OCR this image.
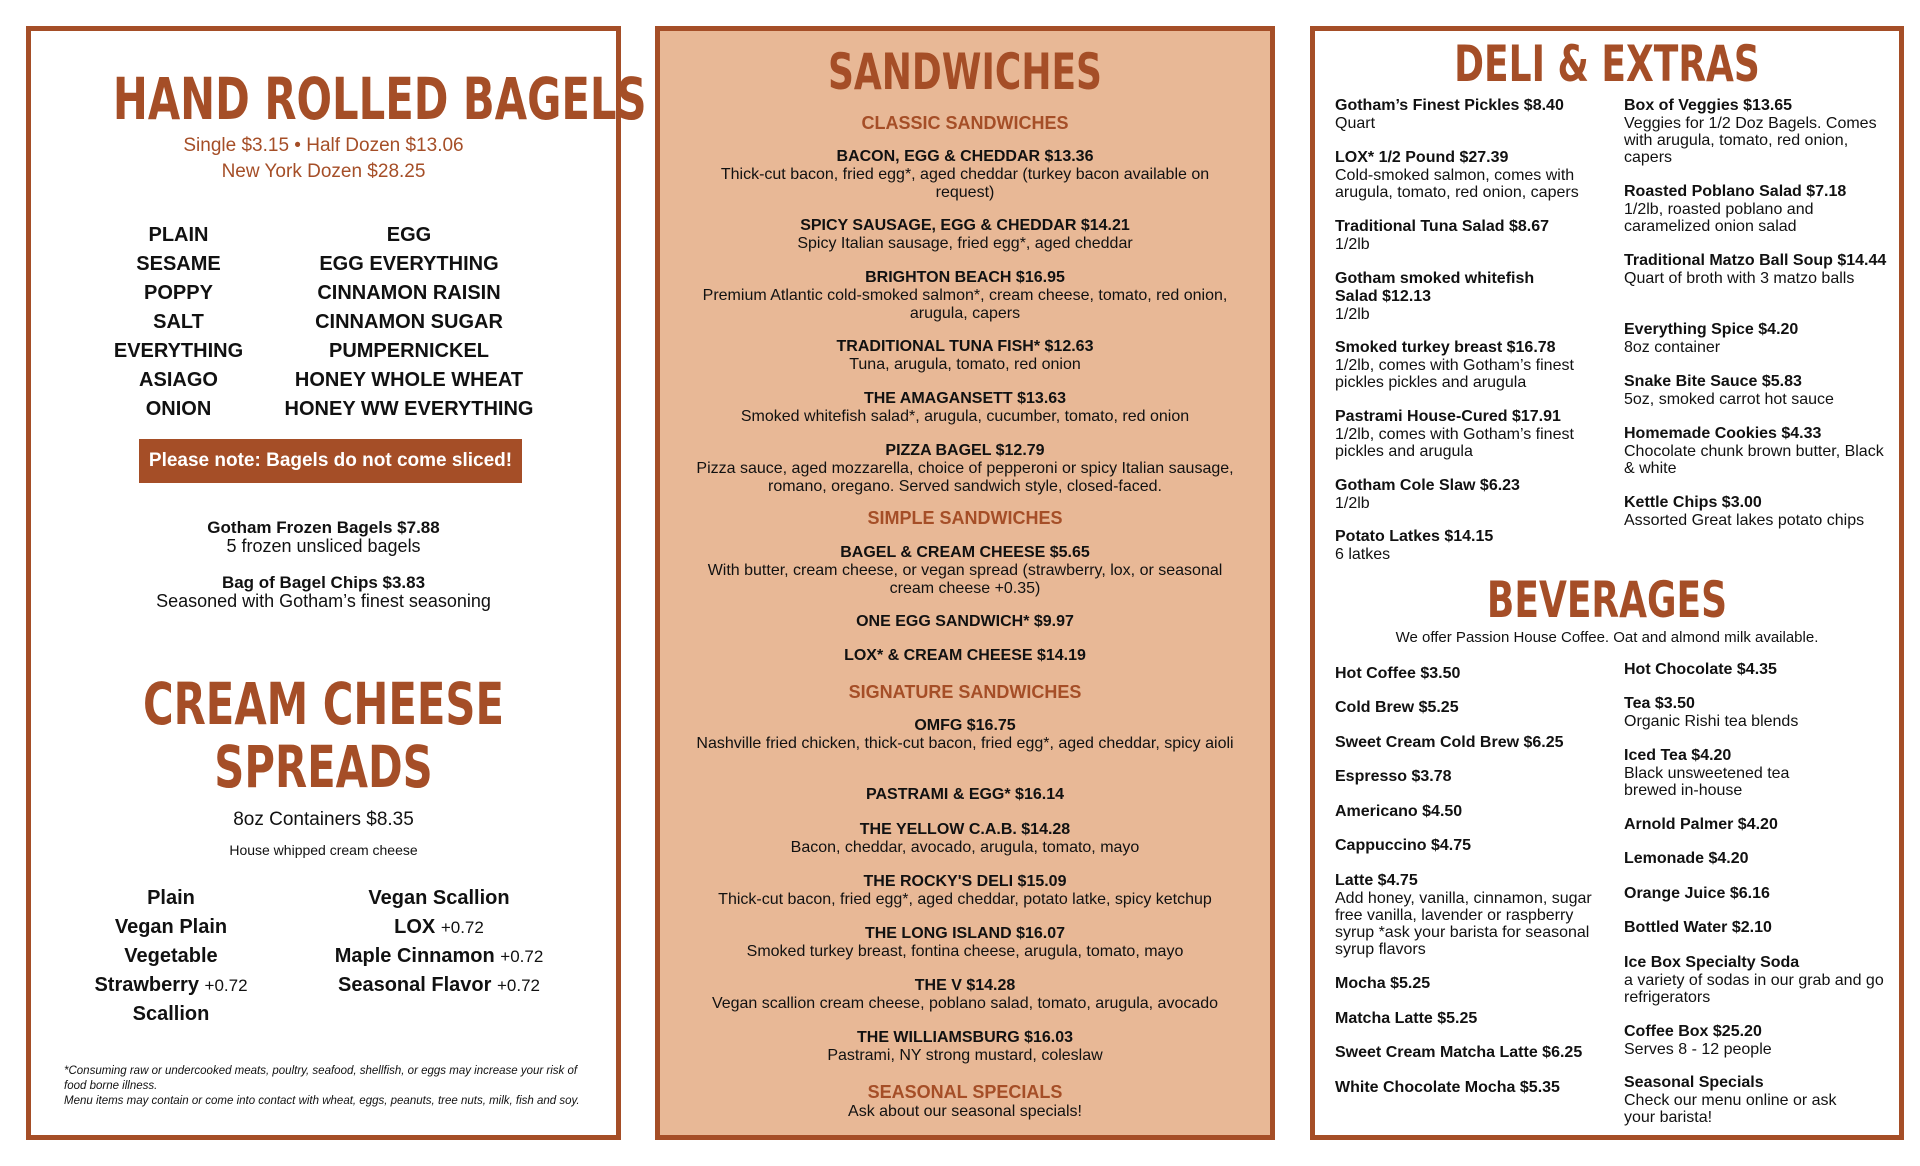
HAND ROLLED BAGELS
Single $3.15 • Half Dozen $13.06
New York Dozen $28.25
PLAIN
SESAME
POPPY
SALT
EVERYTHING
ASIAGO
ONION
EGG
EGG EVERYTHING
CINNAMON RAISIN
CINNAMON SUGAR
PUMPERNICKEL
HONEY WHOLE WHEAT
HONEY WW EVERYTHING
Please note: Bagels do not come sliced!
Gotham Frozen Bagels $7.88
5 frozen unsliced bagels
Bag of Bagel Chips $3.83
Seasoned with Gotham’s finest seasoning
CREAM CHEESE
SPREADS
8oz Containers $8.35
House whipped cream cheese
Plain
Vegan Plain
Vegetable
Strawberry +0.72
Scallion
Vegan Scallion
LOX +0.72
Maple Cinnamon +0.72
Seasonal Flavor +0.72
*Consuming raw or undercooked meats, poultry, seafood, shellfish, or eggs may increase your risk of food borne illness.
Menu items may contain or come into contact with wheat, eggs, peanuts, tree nuts, milk, fish and soy.
SANDWICHES
CLASSIC SANDWICHES
BACON, EGG & CHEDDAR $13.36
Thick-cut bacon, fried egg*, aged cheddar (turkey bacon available on request)
SPICY SAUSAGE, EGG & CHEDDAR $14.21
Spicy Italian sausage, fried egg*, aged cheddar
BRIGHTON BEACH $16.95
Premium Atlantic cold-smoked salmon*, cream cheese, tomato, red onion, arugula, capers
TRADITIONAL TUNA FISH* $12.63
Tuna, arugula, tomato, red onion
THE AMAGANSETT $13.63
Smoked whitefish salad*, arugula, cucumber, tomato, red onion
PIZZA BAGEL $12.79
Pizza sauce, aged mozzarella, choice of pepperoni or spicy Italian sausage, romano, oregano. Served sandwich style, closed-faced.
SIMPLE SANDWICHES
BAGEL & CREAM CHEESE $5.65
With butter, cream cheese, or vegan spread (strawberry, lox, or seasonal cream cheese +0.35)
ONE EGG SANDWICH* $9.97
LOX* & CREAM CHEESE $14.19
SIGNATURE SANDWICHES
OMFG $16.75
Nashville fried chicken, thick-cut bacon, fried egg*, aged cheddar, spicy aioli
PASTRAMI & EGG* $16.14
THE YELLOW C.A.B. $14.28
Bacon, cheddar, avocado, arugula, tomato, mayo
THE ROCKY'S DELI $15.09
Thick-cut bacon, fried egg*, aged cheddar, potato latke, spicy ketchup
THE LONG ISLAND $16.07
Smoked turkey breast, fontina cheese, arugula, tomato, mayo
THE V $14.28
Vegan scallion cream cheese, poblano salad, tomato, arugula, avocado
THE WILLIAMSBURG $16.03
Pastrami, NY strong mustard, coleslaw
SEASONAL SPECIALS
Ask about our seasonal specials!
DELI & EXTRAS
Gotham’s Finest Pickles $8.40
Quart
LOX* 1/2 Pound $27.39
Cold-smoked salmon, comes with arugula, tomato, red onion, capers
Traditional Tuna Salad $8.67
1/2lb
Gotham smoked whitefish Salad $12.13
1/2lb
Smoked turkey breast $16.78
1/2lb, comes with Gotham’s finest pickles pickles and arugula
Pastrami House-Cured $17.91
1/2lb, comes with Gotham’s finest pickles and arugula
Gotham Cole Slaw $6.23
1/2lb
Potato Latkes $14.15
6 latkes
Box of Veggies $13.65
Veggies for 1/2 Doz Bagels. Comes with arugula, tomato, red onion, capers
Roasted Poblano Salad $7.18
1/2lb, roasted poblano and caramelized onion salad
Traditional Matzo Ball Soup $14.44
Quart of broth with 3 matzo balls
Everything Spice $4.20
8oz container
Snake Bite Sauce $5.83
5oz, smoked carrot hot sauce
Homemade Cookies $4.33
Chocolate chunk brown butter, Black & white
Kettle Chips $3.00
Assorted Great lakes potato chips
BEVERAGES
We offer Passion House Coffee. Oat and almond milk available.
Hot Coffee $3.50
Cold Brew $5.25
Sweet Cream Cold Brew $6.25
Espresso $3.78
Americano $4.50
Cappuccino $4.75
Latte $4.75
Add honey, vanilla, cinnamon, sugar free vanilla, lavender or raspberry syrup *ask your barista for seasonal syrup flavors
Mocha $5.25
Matcha Latte $5.25
Sweet Cream Matcha Latte $6.25
White Chocolate Mocha $5.35
Hot Chocolate $4.35
Tea $3.50
Organic Rishi tea blends
Iced Tea $4.20
Black unsweetened tea brewed in-house
Arnold Palmer $4.20
Lemonade $4.20
Orange Juice $6.16
Bottled Water $2.10
Ice Box Specialty Soda
a variety of sodas in our grab and go refrigerators
Coffee Box $25.20
Serves 8 - 12 people
Seasonal Specials
Check our menu online or ask your barista!
